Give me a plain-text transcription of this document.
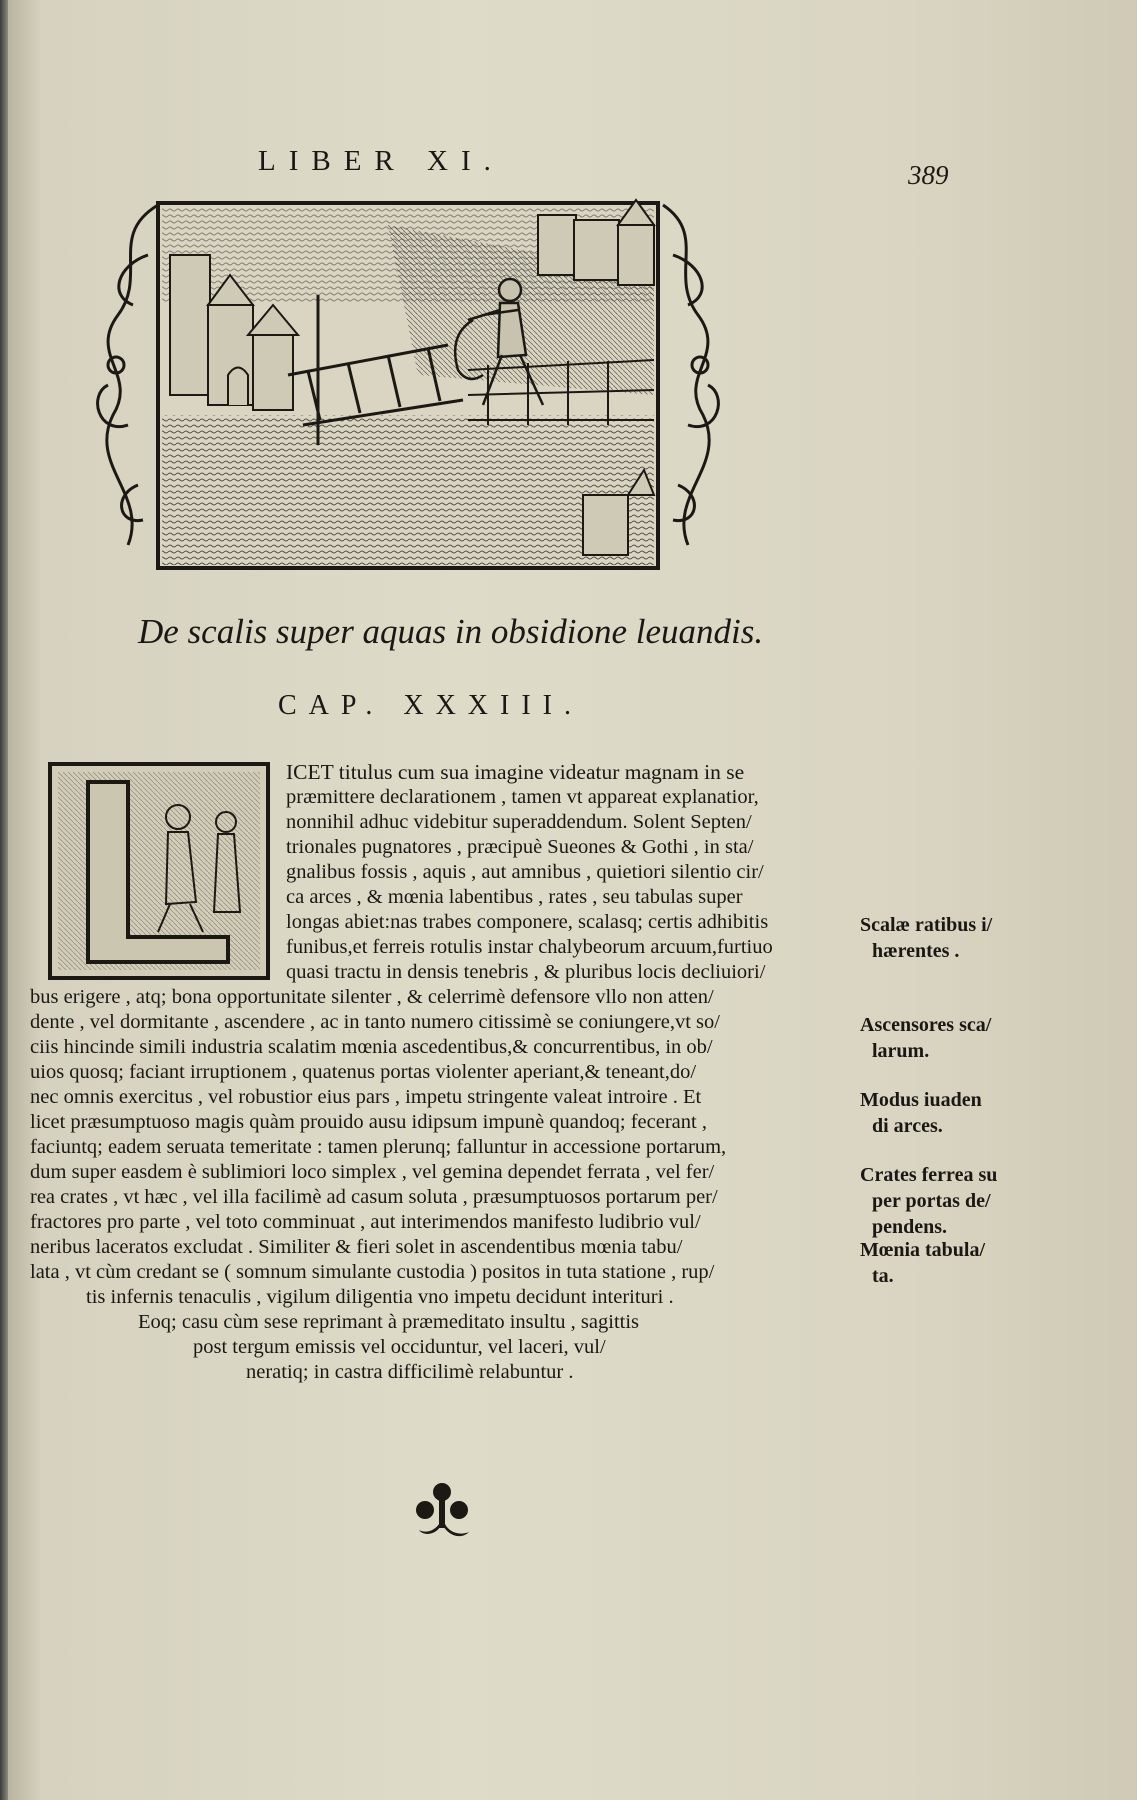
LIBER XI.	389
De scalis super aquas in obsidione leuandis.
CAP. XXXIII.
ICET titulus cum sua imagine videatur magnam in se
præmittere declarationem , tamen vt appareat explanatior,
nonnihil adhuc videbitur superaddendum. Solent Septen/
trionales pugnatores , præcipuè Sueones & Gothi , in sta/
gnalibus fossis , aquis , aut amnibus , quietiori silentio cir/
ca arces , & mœnia labentibus , rates , seu tabulas super
longas abiet:nas trabes componere, scalasq; certis adhibitis
funibus,et ferreis rotulis instar chalybeorum arcuum,furtiuo
quasi tractu in densis tenebris , & pluribus locis decliuiori/
bus erigere , atq; bona opportunitate silenter , & celerrimè defensore vllo non atten/
dente , vel dormitante , ascendere , ac in tanto numero citissimè se coniungere,vt so/
ciis hincinde simili industria scalatim mœnia ascedentibus,& concurrentibus, in ob/
uios quosq; faciant irruptionem , quatenus portas violenter aperiant,& teneant,do/
nec omnis exercitus , vel robustior eius pars , impetu stringente valeat introire . Et
licet præsumptuoso magis quàm prouido ausu idipsum impunè quandoq; fecerant ,
faciuntq; eadem seruata temeritate : tamen plerunq; falluntur in accessione portarum,
dum super easdem è sublimiori loco simplex , vel gemina dependet ferrata , vel fer/
rea crates , vt hæc , vel illa facilimè ad casum soluta , præsumptuosos portarum per/
fractores pro parte , vel toto comminuat , aut interimendos manifesto ludibrio vul/
neribus laceratos excludat . Similiter & fieri solet in ascendentibus mœnia tabu/
lata , vt cùm credant se ( somnum simulante custodia ) positos in tuta statione , rup/
tis infernis tenaculis , vigilum diligentia vno impetu decidunt interituri .
Eoq; casu cùm sese reprimant à præmeditato insultu , sagittis
post tergum emissis vel occiduntur, vel laceri, vul/
neratiq; in castra difficilimè relabuntur .
Scalæ ratibus i/
hærentes .
Ascensores sca/
larum.
Modus iuaden
di arces.
Crates ferrea su
per portas de/
pendens.
Mœnia tabula/
ta.
